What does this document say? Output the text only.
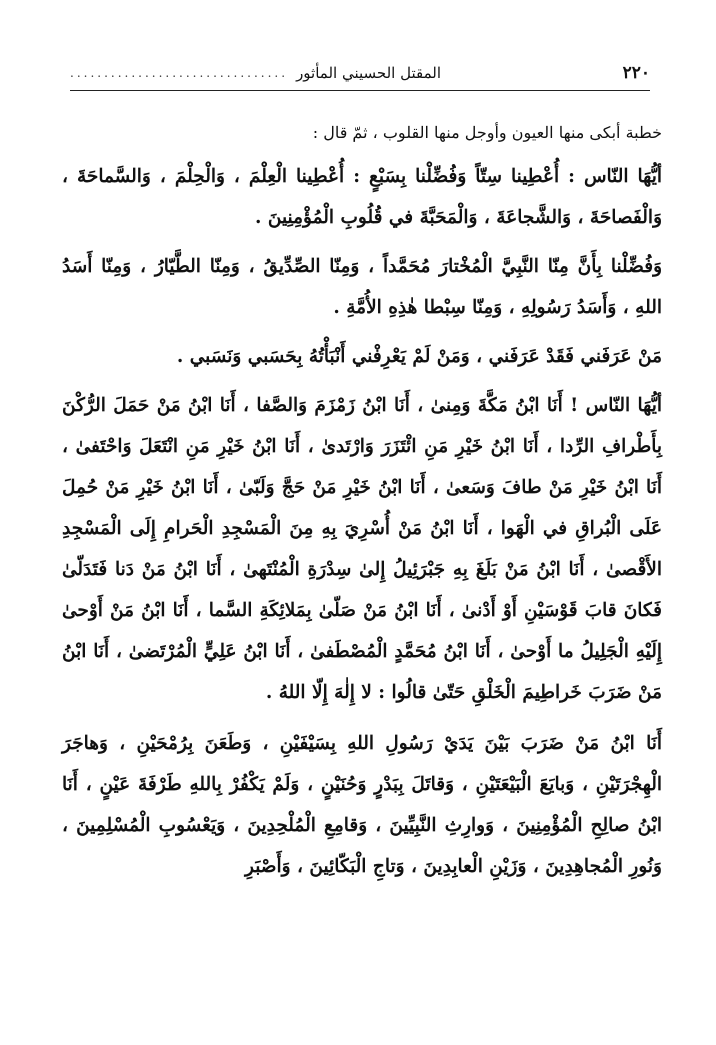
٢٢٠
المقتل الحسيني المأثور
................................

خطبة أبكى منها العيون وأوجل منها القلوب ، ثمّ قال :

أيُّهَا النّاس : أُعْطِينا سِتّاً وَفُضِّلْنا بِسَبْعٍ : أُعْطِينا الْعِلْمَ ، وَالْحِلْمَ ، وَالسَّماحَةَ ، وَالْفَصاحَةَ ، وَالشَّجاعَةَ ، وَالْمَحَبَّةَ في قُلُوبِ الْمُؤْمِنِينَ .

وَفُضِّلْنا بِأَنَّ مِنّا النَّبِيَّ الْمُخْتارَ مُحَمَّداً ، وَمِنّا الصِّدِّيقُ ، وَمِنّا الطَّيّارُ ، وَمِنّا أَسَدُ اللهِ ، وَأَسَدُ رَسُولِهِ ، وَمِنّا سِبْطا هٰذِهِ الأُمَّةِ .

مَنْ عَرَفَني فَقَدْ عَرَفَني ، وَمَنْ لَمْ يَعْرِفْني أَنْبَأْتُهُ بِحَسَبي وَنَسَبي .

أيُّهَا النّاس ! أَنَا ابْنُ مَكَّةَ وَمِنىٰ ، أَنَا ابْنُ زَمْزَمَ وَالصَّفا ، أَنَا ابْنُ مَنْ حَمَلَ الرُّكْنَ بِأَطْرافِ الرِّدا ، أَنَا ابْنُ خَيْرِ مَنِ ائْتَزَرَ وَارْتَدىٰ ، أَنَا ابْنُ خَيْرِ مَنِ انْتَعَلَ وَاحْتَفىٰ ، أَنَا ابْنُ خَيْرِ مَنْ طافَ وَسَعىٰ ، أَنَا ابْنُ خَيْرِ مَنْ حَجَّ وَلَبّىٰ ، أَنَا ابْنُ خَيْرِ مَنْ حُمِلَ عَلَى الْبُراقِ في الْهَوا ، أَنَا ابْنُ مَنْ أُسْرِيَ بِهِ مِنَ الْمَسْجِدِ الْحَرامِ إِلَى الْمَسْجِدِ الأَقْصىٰ ، أَنَا ابْنُ مَنْ بَلَغَ بِهِ جَبْرَئِيلُ إِلىٰ سِدْرَةِ الْمُنْتَهىٰ ، أَنَا ابْنُ مَنْ دَنا فَتَدَلّىٰ فَكانَ قابَ قَوْسَيْنِ أَوْ أَدْنىٰ ، أَنَا ابْنُ مَنْ صَلّىٰ بِمَلائِكَةِ السَّما ، أَنَا ابْنُ مَنْ أَوْحىٰ إِلَيْهِ الْجَلِيلُ ما أَوْحىٰ ، أَنَا ابْنُ مُحَمَّدٍ الْمُصْطَفىٰ ، أَنَا ابْنُ عَلِيٍّ الْمُرْتَضىٰ ، أَنَا ابْنُ مَنْ ضَرَبَ خَراطِيمَ الْخَلْقِ حَتّىٰ قالُوا : لا إِلٰهَ إِلّا اللهُ .

أَنَا ابْنُ مَنْ ضَرَبَ بَيْنَ يَدَيْ رَسُولِ اللهِ بِسَيْفَيْنِ ، وَطَعَنَ بِرُمْحَيْنِ ، وَهاجَرَ الْهِجْرَتَيْنِ ، وَبايَعَ الْبَيْعَتَيْنِ ، وَقاتَلَ بِبَدْرٍ وَحُنَيْنٍ ، وَلَمْ يَكْفُرْ بِاللهِ طَرْفَةَ عَيْنٍ ، أَنَا ابْنُ صالِحِ الْمُؤْمِنِينَ ، وَوارِثِ النَّبِيِّينَ ، وَقامِعِ الْمُلْحِدِينَ ، وَيَعْسُوبِ الْمُسْلِمِينَ ، وَنُورِ الْمُجاهِدِينَ ، وَزَيْنِ الْعابِدِينَ ، وَتاجِ الْبَكّائِينَ ، وَأَصْبَرِ
